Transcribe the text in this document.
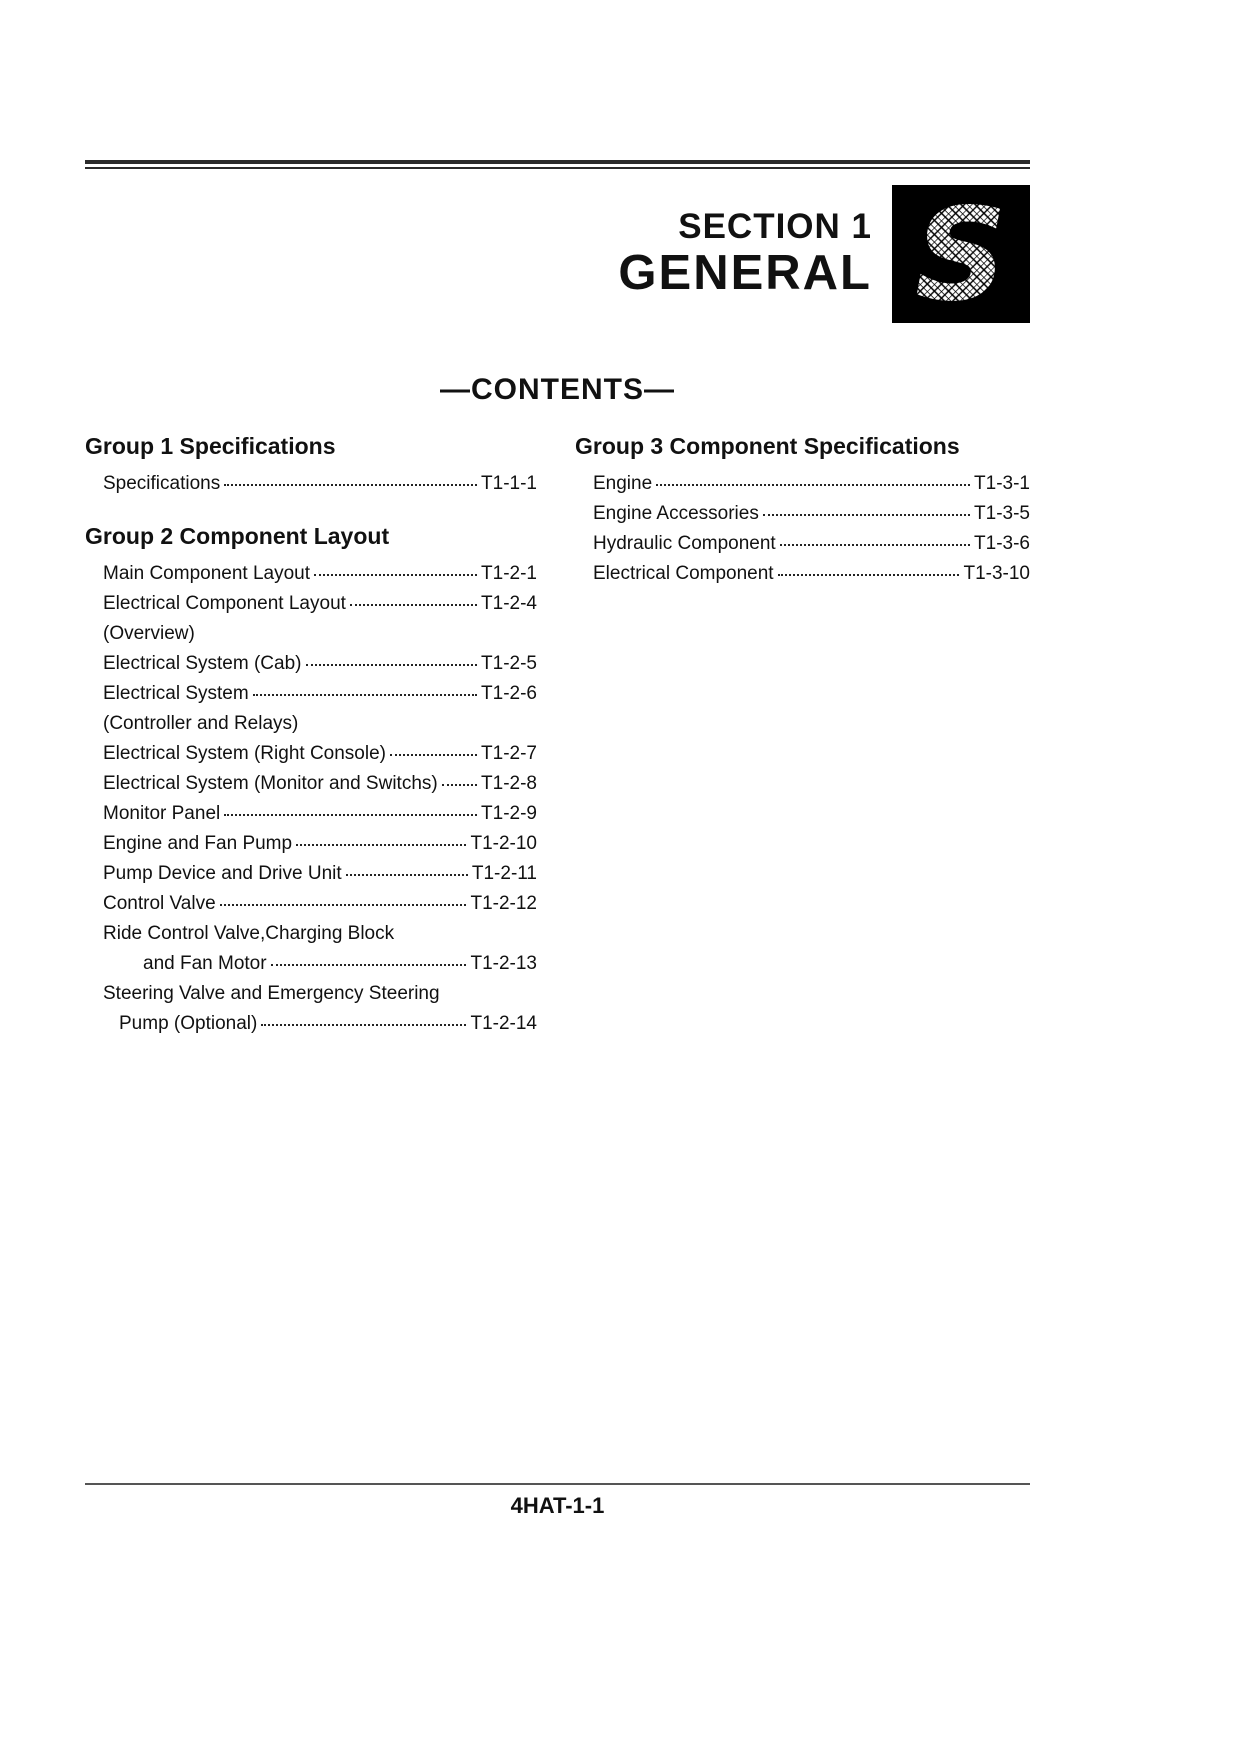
SECTION 1
GENERAL S
—CONTENTS—
Group 1 Specifications
Specifications	T1-1-1
Group 2 Component Layout
Main Component Layout	T1-2-1
Electrical Component Layout	T1-2-4
(Overview)
Electrical System (Cab)	T1-2-5
Electrical System	T1-2-6
(Controller and Relays)
Electrical System (Right Console)	T1-2-7
Electrical System (Monitor and Switchs) T1-2-8
Monitor Panel	T1-2-9
Engine and Fan Pump	T1-2-10
Pump Device and Drive Unit	T1-2-11
Control Valve	T1-2-12
Ride Control Valve,Charging Block
and Fan Motor	T1-2-13
Steering Valve and Emergency Steering
Pump (Optional)	T1-2-14
Group 3 Component Specifications
Engine	T1-3-1
Engine Accessories	T1-3-5
Hydraulic Component	T1-3-6
Electrical Component	T1-3-10
4HAT-1-1
